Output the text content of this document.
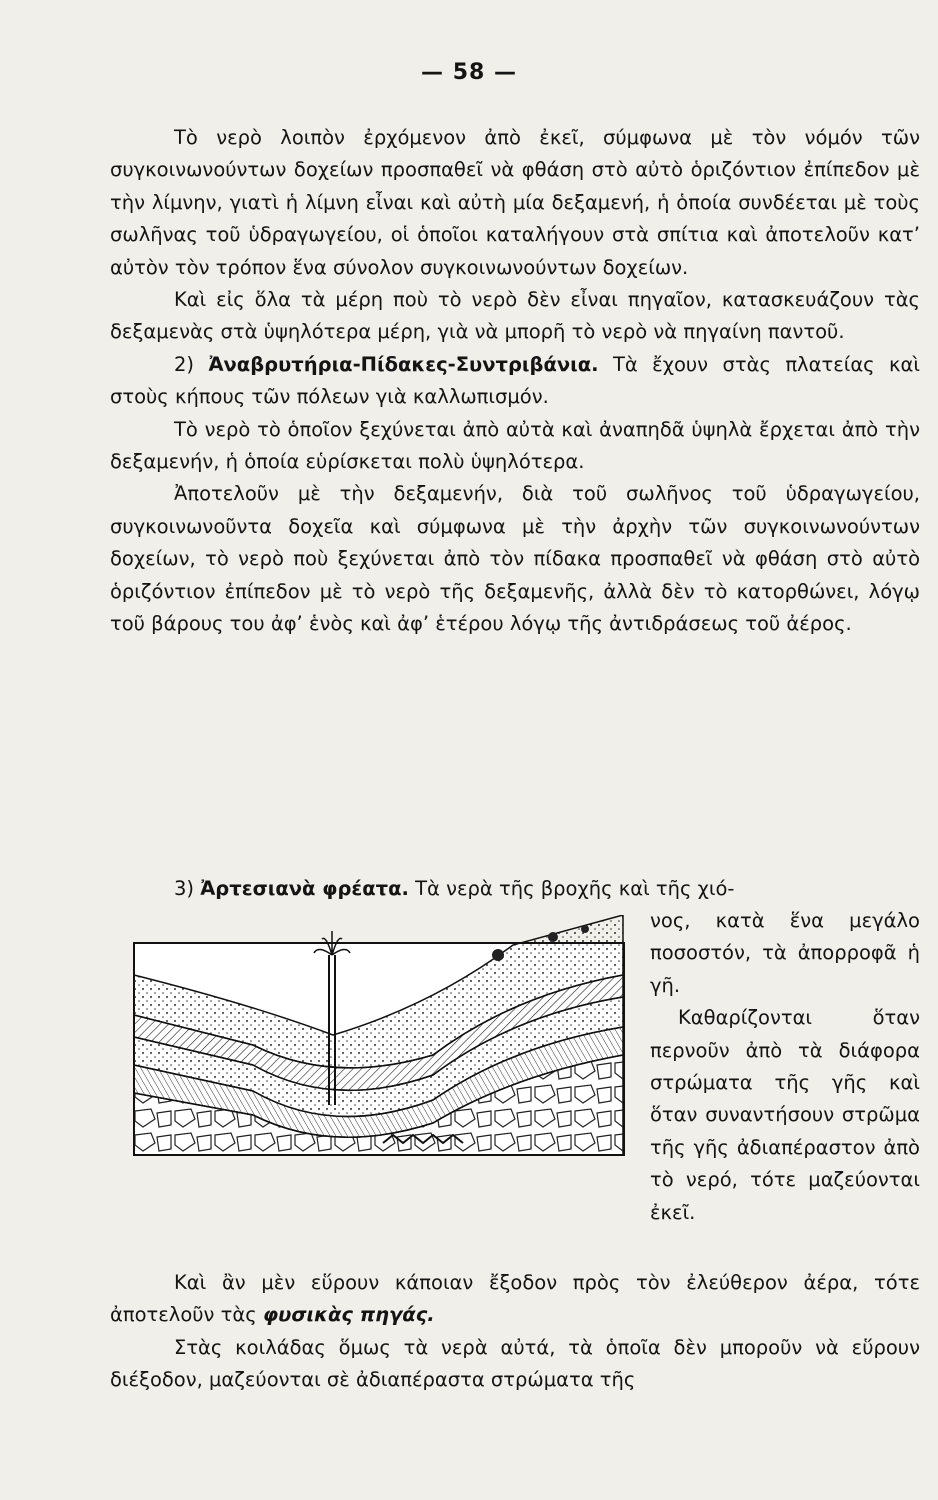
— 58 —

Τὸ νερὸ λοιπὸν ἐρχόμενον ἀπὸ ἐκεῖ, σύμφωνα μὲ τὸν νόμόν τῶν συγκοινωνούντων δοχείων προσπαθεῖ νὰ φθάση στὸ αὐτὸ ὁριζόντιον ἐπίπεδον μὲ τὴν λίμνην, γιατὶ ἡ λίμνη εἶναι καὶ αὐτὴ μία δεξαμενή, ἡ ὁποία συνδέεται μὲ τοὺς σωλῆνας τοῦ ὑδραγωγείου, οἱ ὁποῖοι καταλήγουν στὰ σπίτια καὶ ἀποτελοῦν κατ’ αὐτὸν τὸν τρόπον ἕνα σύνολον συγκοινωνούντων δοχείων.

Καὶ εἰς ὅλα τὰ μέρη ποὺ τὸ νερὸ δὲν εἶναι πηγαῖον, κατασκευάζουν τὰς δεξαμενὰς στὰ ὑψηλότερα μέρη, γιὰ νὰ μπορῆ τὸ νερὸ νὰ πηγαίνη παντοῦ.

2) Ἀναβρυτήρια-Πίδακες-Συντριβάνια. Τὰ ἔχουν στὰς πλατείας καὶ στοὺς κήπους τῶν πόλεων γιὰ καλλωπισμόν.

Τὸ νερὸ τὸ ὁποῖον ξεχύνεται ἀπὸ αὐτὰ καὶ ἀναπηδᾶ ὑψηλὰ ἔρχεται ἀπὸ τὴν δεξαμενήν, ἡ ὁποία εὑρίσκεται πολὺ ὑψηλότερα.

Ἀποτελοῦν μὲ τὴν δεξαμενήν, διὰ τοῦ σωλῆνος τοῦ ὑδραγωγείου, συγκοινωνοῦντα δοχεῖα καὶ σύμφωνα μὲ τὴν ἀρχὴν τῶν συγκοινωνούντων δοχείων, τὸ νερὸ ποὺ ξεχύνεται ἀπὸ τὸν πίδακα προσπαθεῖ νὰ φθάση στὸ αὐτὸ ὁριζόντιον ἐπίπεδον μὲ τὸ νερὸ τῆς δεξαμενῆς, ἀλλὰ δὲν τὸ κατορθώνει, λόγῳ τοῦ βάρους του ἀφ’ ἑνὸς καὶ ἀφ’ ἑτέρου λόγῳ τῆς ἀντιδράσεως τοῦ ἀέρος.

3) Ἀρτεσιανὰ φρέατα. Τὰ νερὰ τῆς βροχῆς καὶ τῆς χιό-

νος, κατὰ ἕνα μεγάλο ποσοστόν, τὰ ἀπορροφᾶ ἡ γῆ.

Καθαρίζονται ὅταν περνοῦν ἀπὸ τὰ διάφορα στρώματα τῆς γῆς καὶ ὅταν συναντήσουν στρῶμα τῆς γῆς ἀδιαπέραστον ἀπὸ τὸ νερό, τότε μαζεύονται ἐκεῖ.

Καὶ ἂν μὲν εὕρουν κάποιαν ἔξοδον πρὸς τὸν ἐλεύθερον ἀέρα, τότε ἀποτελοῦν τὰς φυσικὰς πηγάς.

Στὰς κοιλάδας ὅμως τὰ νερὰ αὐτά, τὰ ὁποῖα δὲν μποροῦν νὰ εὕρουν διέξοδον, μαζεύονται σὲ ἀδιαπέραστα στρώματα τῆς
